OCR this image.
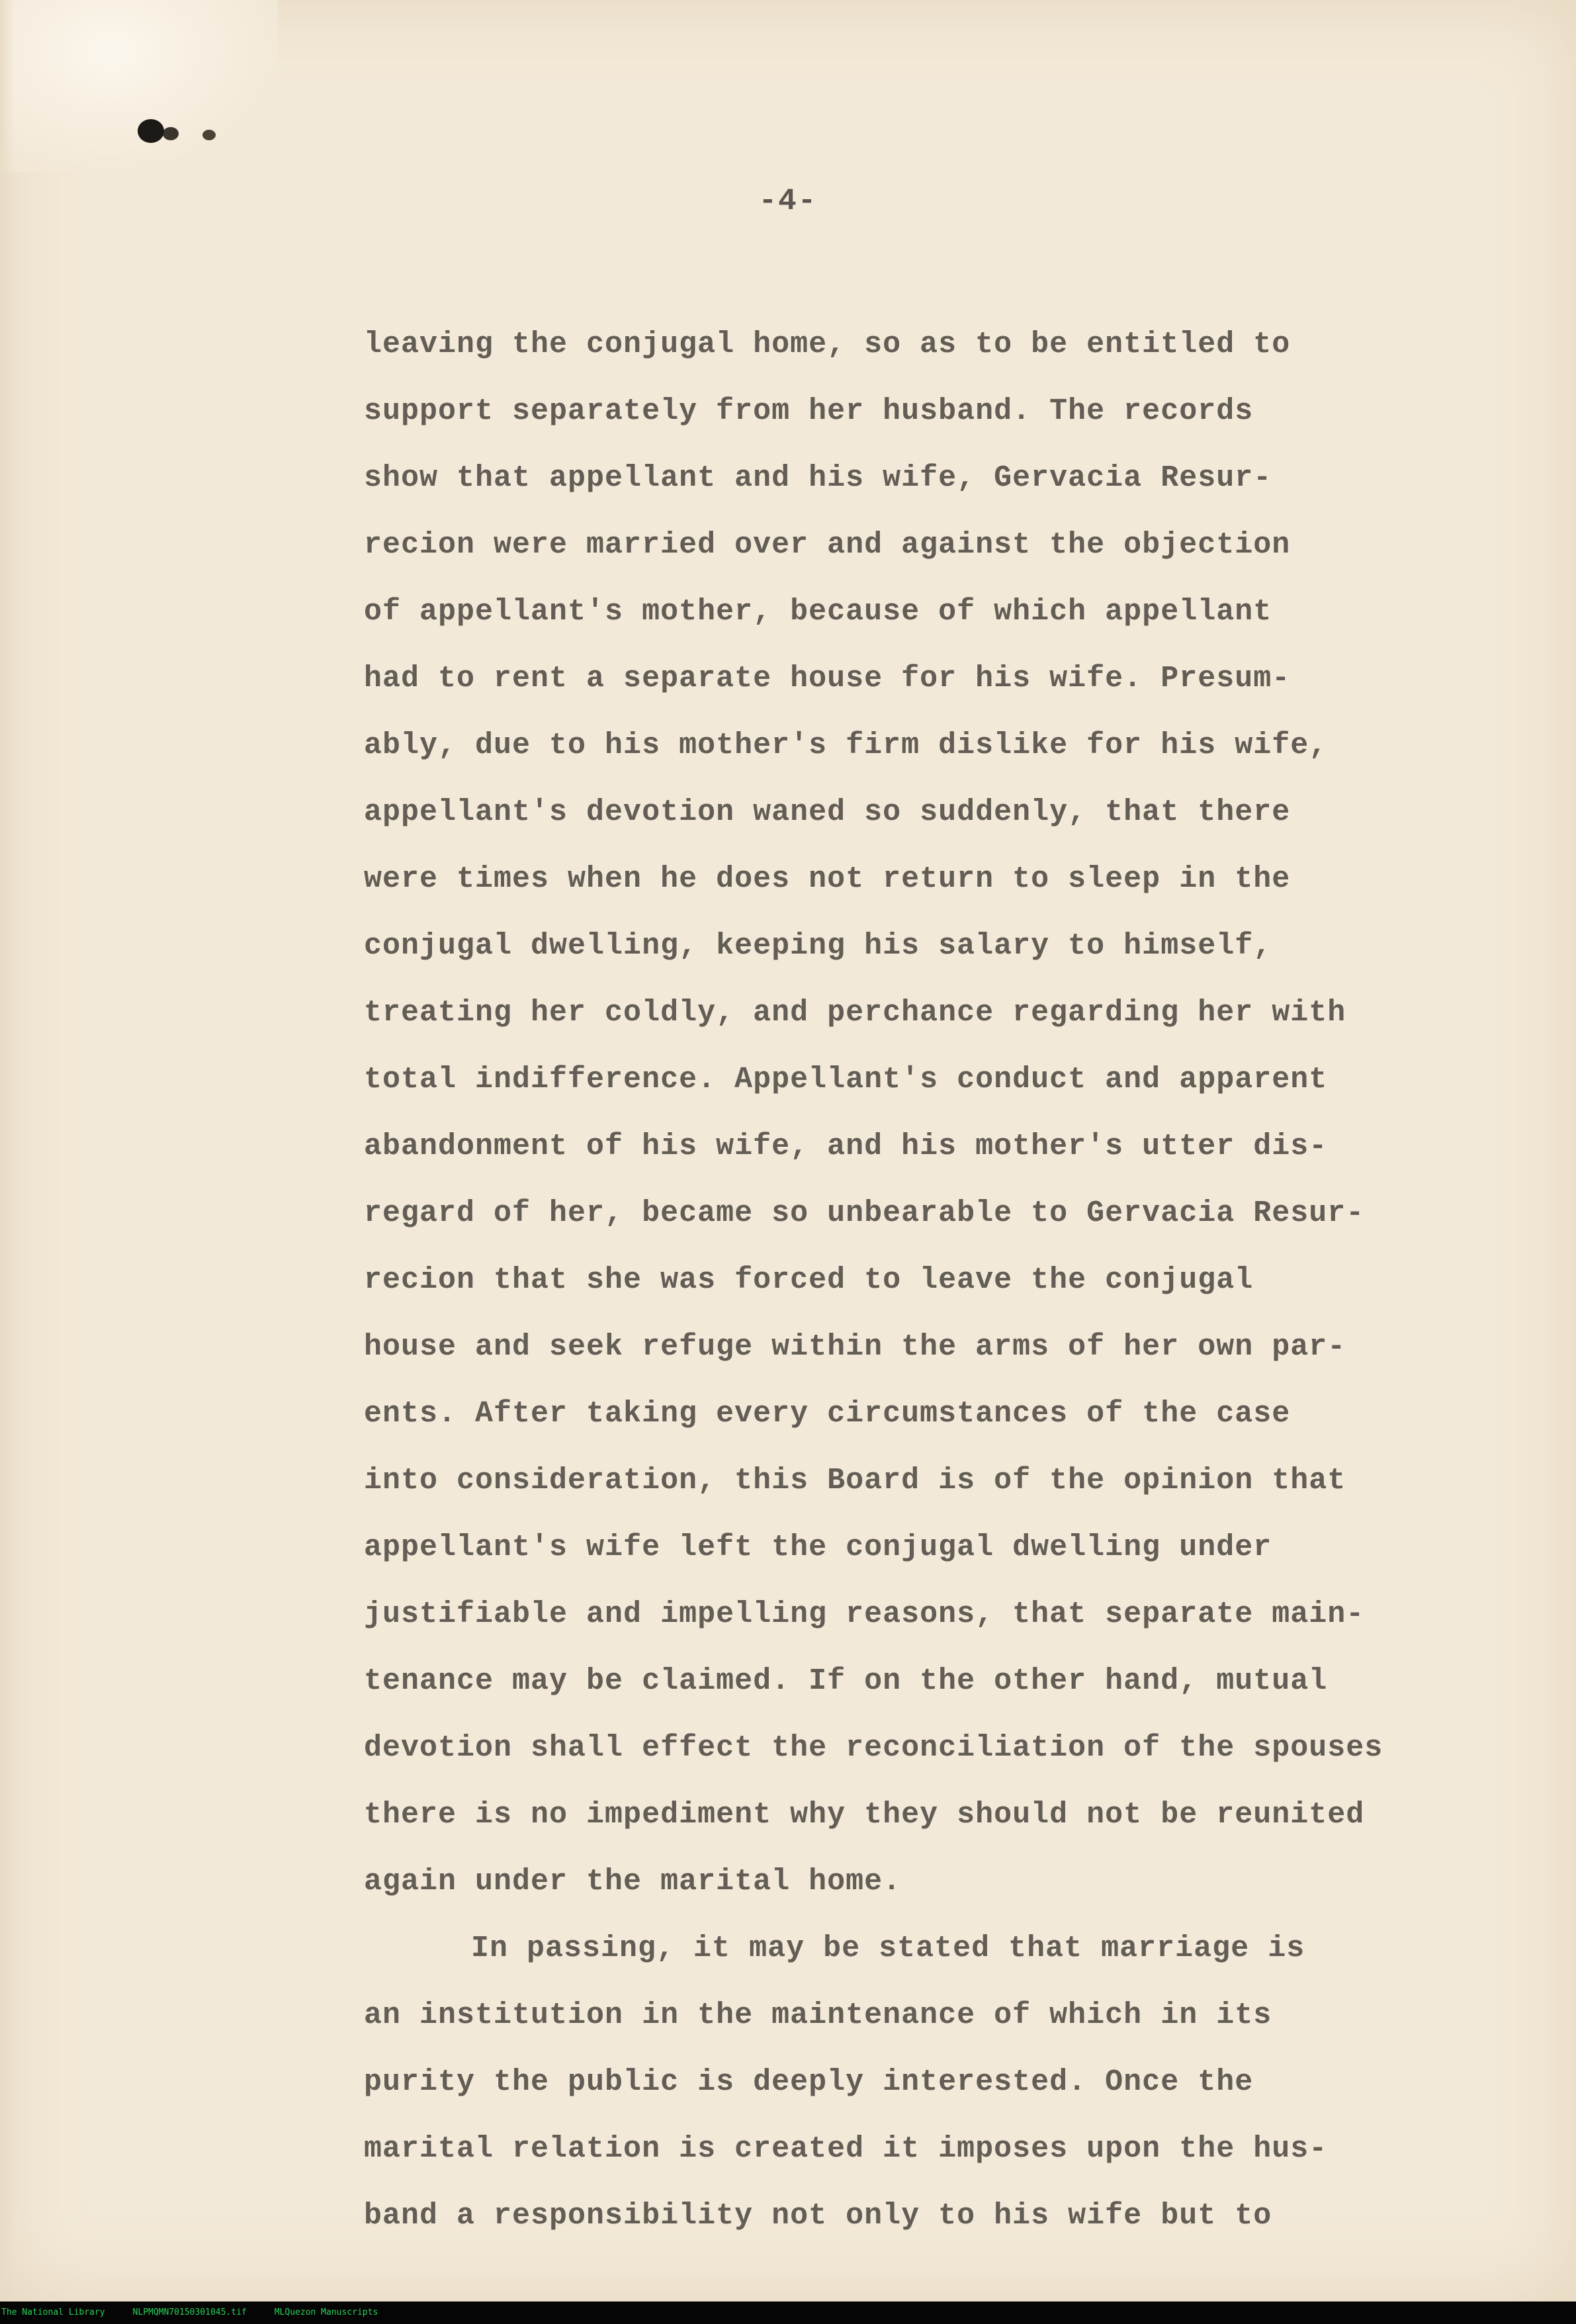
-4-
leaving the conjugal home, so as to be entitled to
support separately from her husband. The records
show that appellant and his wife, Gervacia Resur-
recion were married over and against the objection
of appellant's mother, because of which appellant
had to rent a separate house for his wife. Presum-
ably, due to his mother's firm dislike for his wife,
appellant's devotion waned so suddenly, that there
were times when he does not return to sleep in the
conjugal dwelling, keeping his salary to himself,
treating her coldly, and perchance regarding her with
total indifference. Appellant's conduct and apparent
abandonment of his wife, and his mother's utter dis-
regard of her, became so unbearable to Gervacia Resur-
recion that she was forced to leave the conjugal
house and seek refuge within the arms of her own par-
ents. After taking every circumstances of the case
into consideration, this Board is of the opinion that
appellant's wife left the conjugal dwelling under
justifiable and impelling reasons, that separate main-
tenance may be claimed. If on the other hand, mutual
devotion shall effect the reconciliation of the spouses
there is no impediment why they should not be reunited
again under the marital home.
In passing, it may be stated that marriage is
an institution in the maintenance of which in its
purity the public is deeply interested. Once the
marital relation is created it imposes upon the hus-
band a responsibility not only to his wife but to
The National Library	NLPMQMN70150301045.tif	MLQuezon Manuscripts
